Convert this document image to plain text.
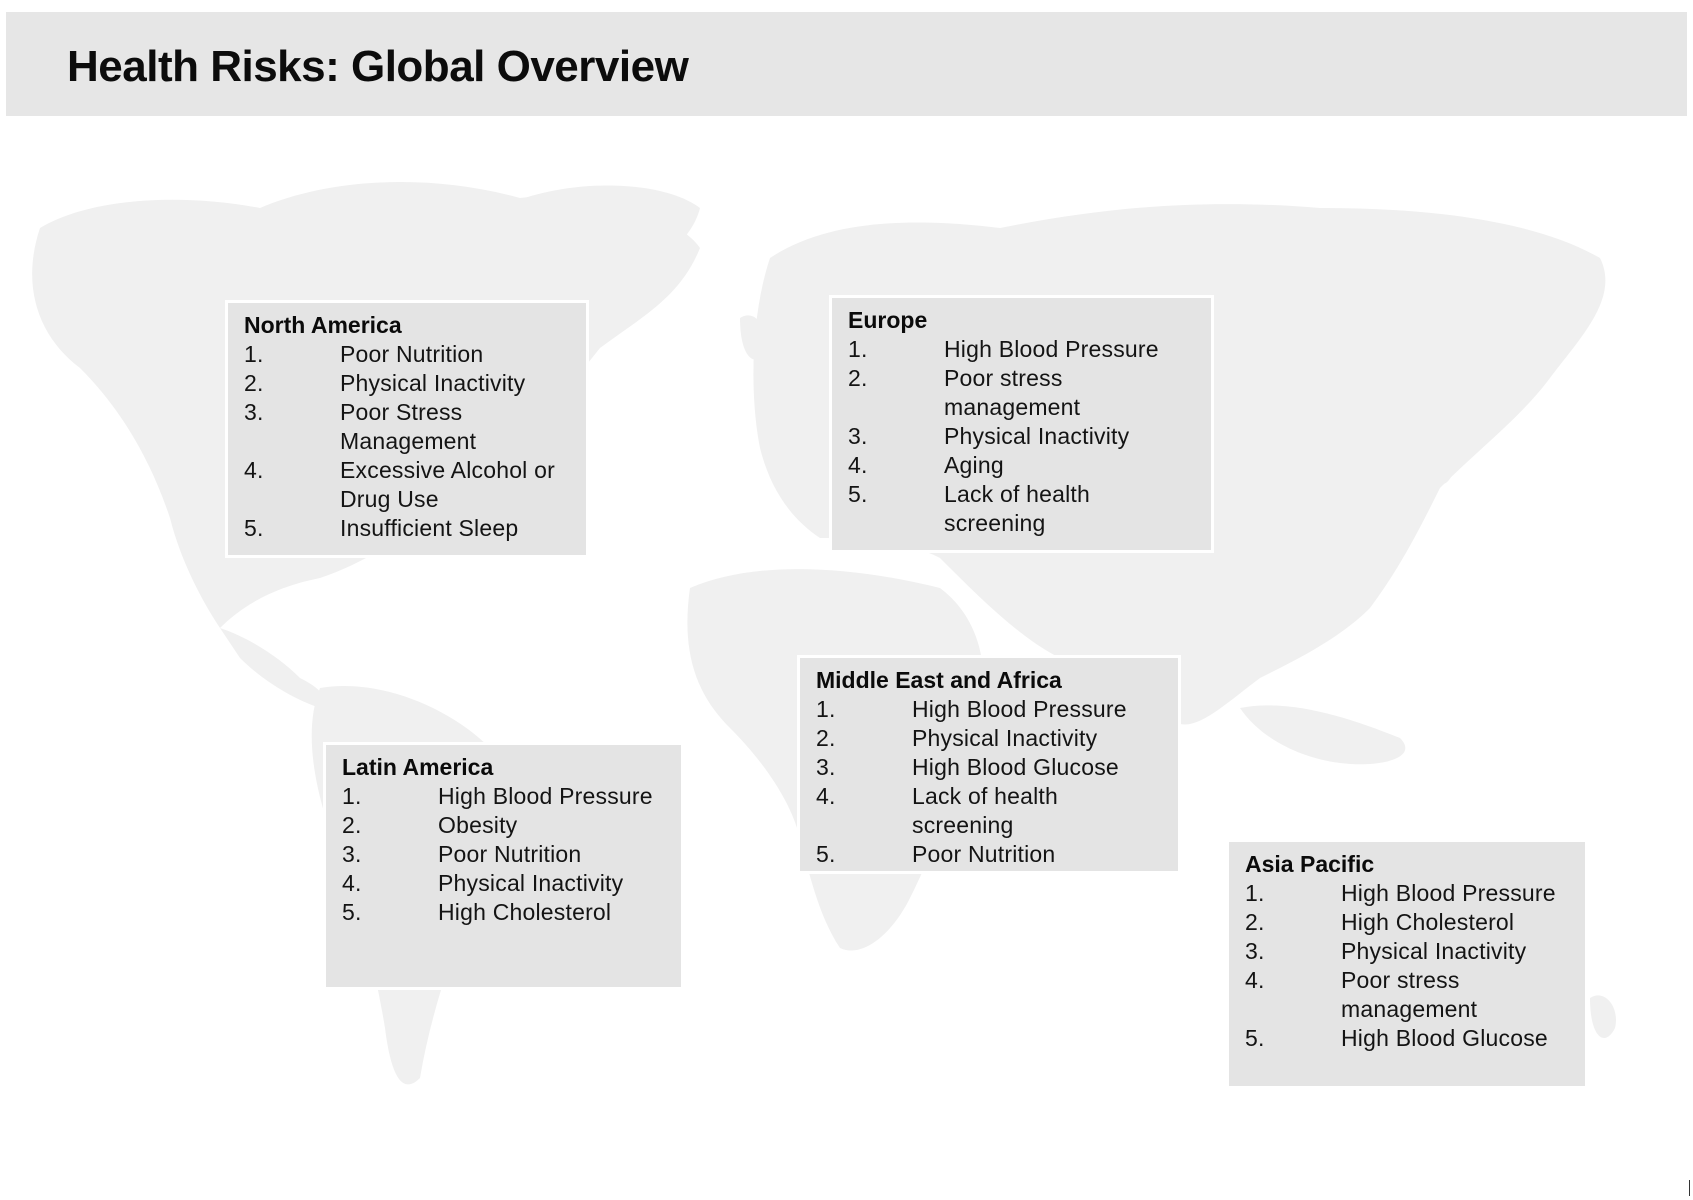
Health Risks: Global Overview
North America
1.	Poor Nutrition
2.	Physical Inactivity
3.	Poor Stress Management
4.	Excessive Alcohol or Drug Use
5.	Insufficient Sleep
Europe
1.	High Blood Pressure
2.	Poor stress management
3.	Physical Inactivity
4.	Aging
5.	Lack of health screening
Middle East and Africa
1.	High Blood Pressure
2.	Physical Inactivity
3.	High Blood Glucose
4.	Lack of health screening
5.	Poor Nutrition
Latin America
1.	High Blood Pressure
2.	Obesity
3.	Poor Nutrition
4.	Physical Inactivity
5.	High Cholesterol
Asia Pacific
1.	High Blood Pressure
2.	High Cholesterol
3.	Physical Inactivity
4.	Poor stress management
5.	High Blood Glucose
